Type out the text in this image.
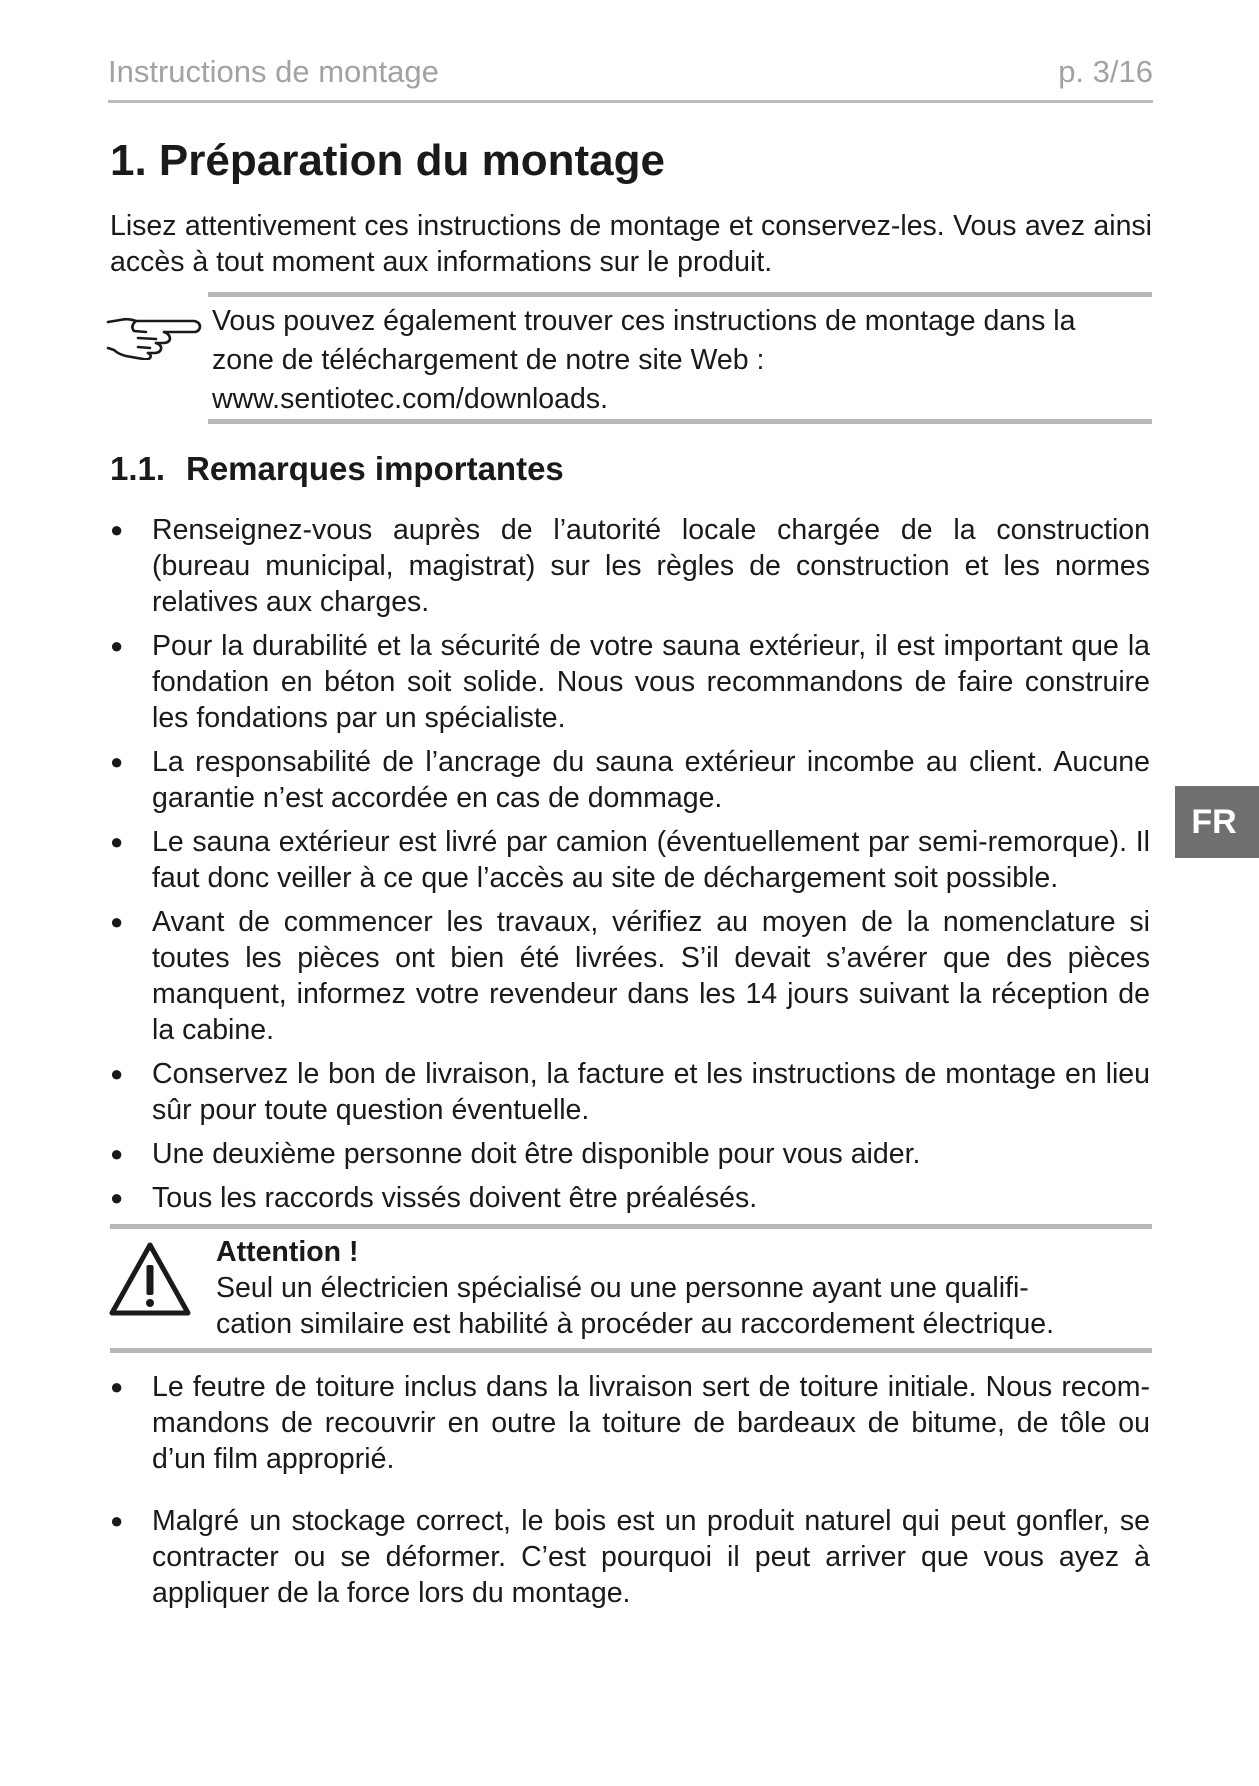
Instructions de montage	p. 3/16
1. Préparation du montage

Lisez attentivement ces instructions de montage et conservez-les. Vous avez ainsi accès à tout moment aux informations sur le produit.

Vous pouvez également trouver ces instructions de montage dans la
zone de téléchargement de notre site Web :
www.sentiotec.com/downloads.
1.1. Remarques importantes
● Renseignez-vous auprès de l’autorité locale chargée de la construction (bureau municipal, magistrat) sur les règles de construction et les normes relatives aux charges.
● Pour la durabilité et la sécurité de votre sauna extérieur, il est important que la fondation en béton soit solide. Nous vous recommandons de faire construire les fondations par un spécialiste.
● La responsabilité de l’ancrage du sauna extérieur incombe au client. Aucune garantie n’est accordée en cas de dommage.
● Le sauna extérieur est livré par camion (éventuellement par semi-remorque). Il faut donc veiller à ce que l’accès au site de déchargement soit possible.
● Avant de commencer les travaux, vérifiez au moyen de la nomenclature si toutes les pièces ont bien été livrées. S’il devait s’avérer que des pièces manquent, informez votre revendeur dans les 14 jours suivant la réception de la cabine.
● Conservez le bon de livraison, la facture et les instructions de montage en lieu sûr pour toute question éventuelle.
● Une deuxième personne doit être disponible pour vous aider.
● Tous les raccords vissés doivent être préalésés.
Attention !
Seul un électricien spécialisé ou une personne ayant une qualifi-
cation similaire est habilité à procéder au raccordement électrique.
● Le feutre de toiture inclus dans la livraison sert de toiture initiale. Nous recom-mandons de recouvrir en outre la toiture de bardeaux de bitume, de tôle ou d’un film approprié.
● Malgré un stockage correct, le bois est un produit naturel qui peut gonfler, se contracter ou se déformer. C’est pourquoi il peut arriver que vous ayez à appliquer de la force lors du montage.
FR
